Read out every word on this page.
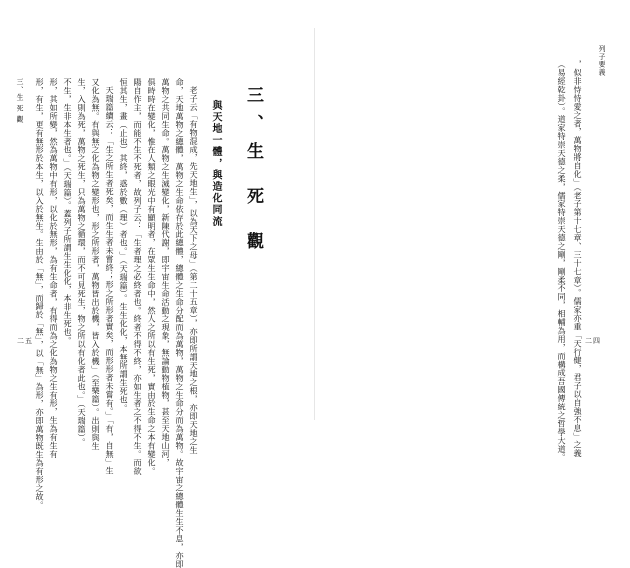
列子要義
二四
，似非恃恃愛之者，萬物將自化」（老子第十七章、三十七章）。儒家亦重「天行健，君子以自強不息」之義
（易經乾卦）。道家特崇天德之柔，儒家特崇天德之剛，剛柔不同，相輔為用，而構成吾國傳統之哲學大道。
三、生 死 觀
與天地一體，與造化同流
老子云「有物混成，先天地生」，以為天下之母」（第二十五章），亦即所謂天地之根，亦即天地之生
命，天地萬物之總體，萬物之生命依存於此總體，總體之生命分配而為萬物，萬物之生命分而為萬物。故宇宙之總體生生不息，亦即
萬物之共同生命。萬物之生滅變化，新陳代謝，即宇宙生命活動之現象，無論動物植物，甚至天地山河，
俱時時在變化，惟在人類之眼光中有顯明者，在眾生生命中，然人之所以有生死，實由於生命之本有變化。
陽自作主，而能不生不死者，故列子云：「生者理之必終者也。終者不得不終，亦如生者之不得不生。而欲
恒其生，畫（止也）其終，惑於數（理）者也。」（天瑞篇）。生生化化，本無所謂生死也。
天瑞篇續云：「生之所生者死矣，而生生者未嘗終；形之所形者實矣，而形形者未嘗有。」「有，自無」生
又化為無。有與無之化為物之變形也，形之所形者，萬物皆出於機，皆入於機」（至樂篇）。出則與生
生，入則為死，萬物之死生，只為萬物之循環，而不可見死生，物之所以有化者此也。」（天瑞篇）。
不生，生非本生者也。」（天瑞篇）。蓋列子所謂生生化化，本非生死也。
形，其如所變，然為萬物中有形，以化於無形，為有生命者，有得而為之化為物之生有形，生為有生有
形，有生，更有無形於本生，以入於無生。生由於「無」，而歸於「無」，以「無」為形，亦即萬物既生為有形之故。
三、生 死 觀
二五
